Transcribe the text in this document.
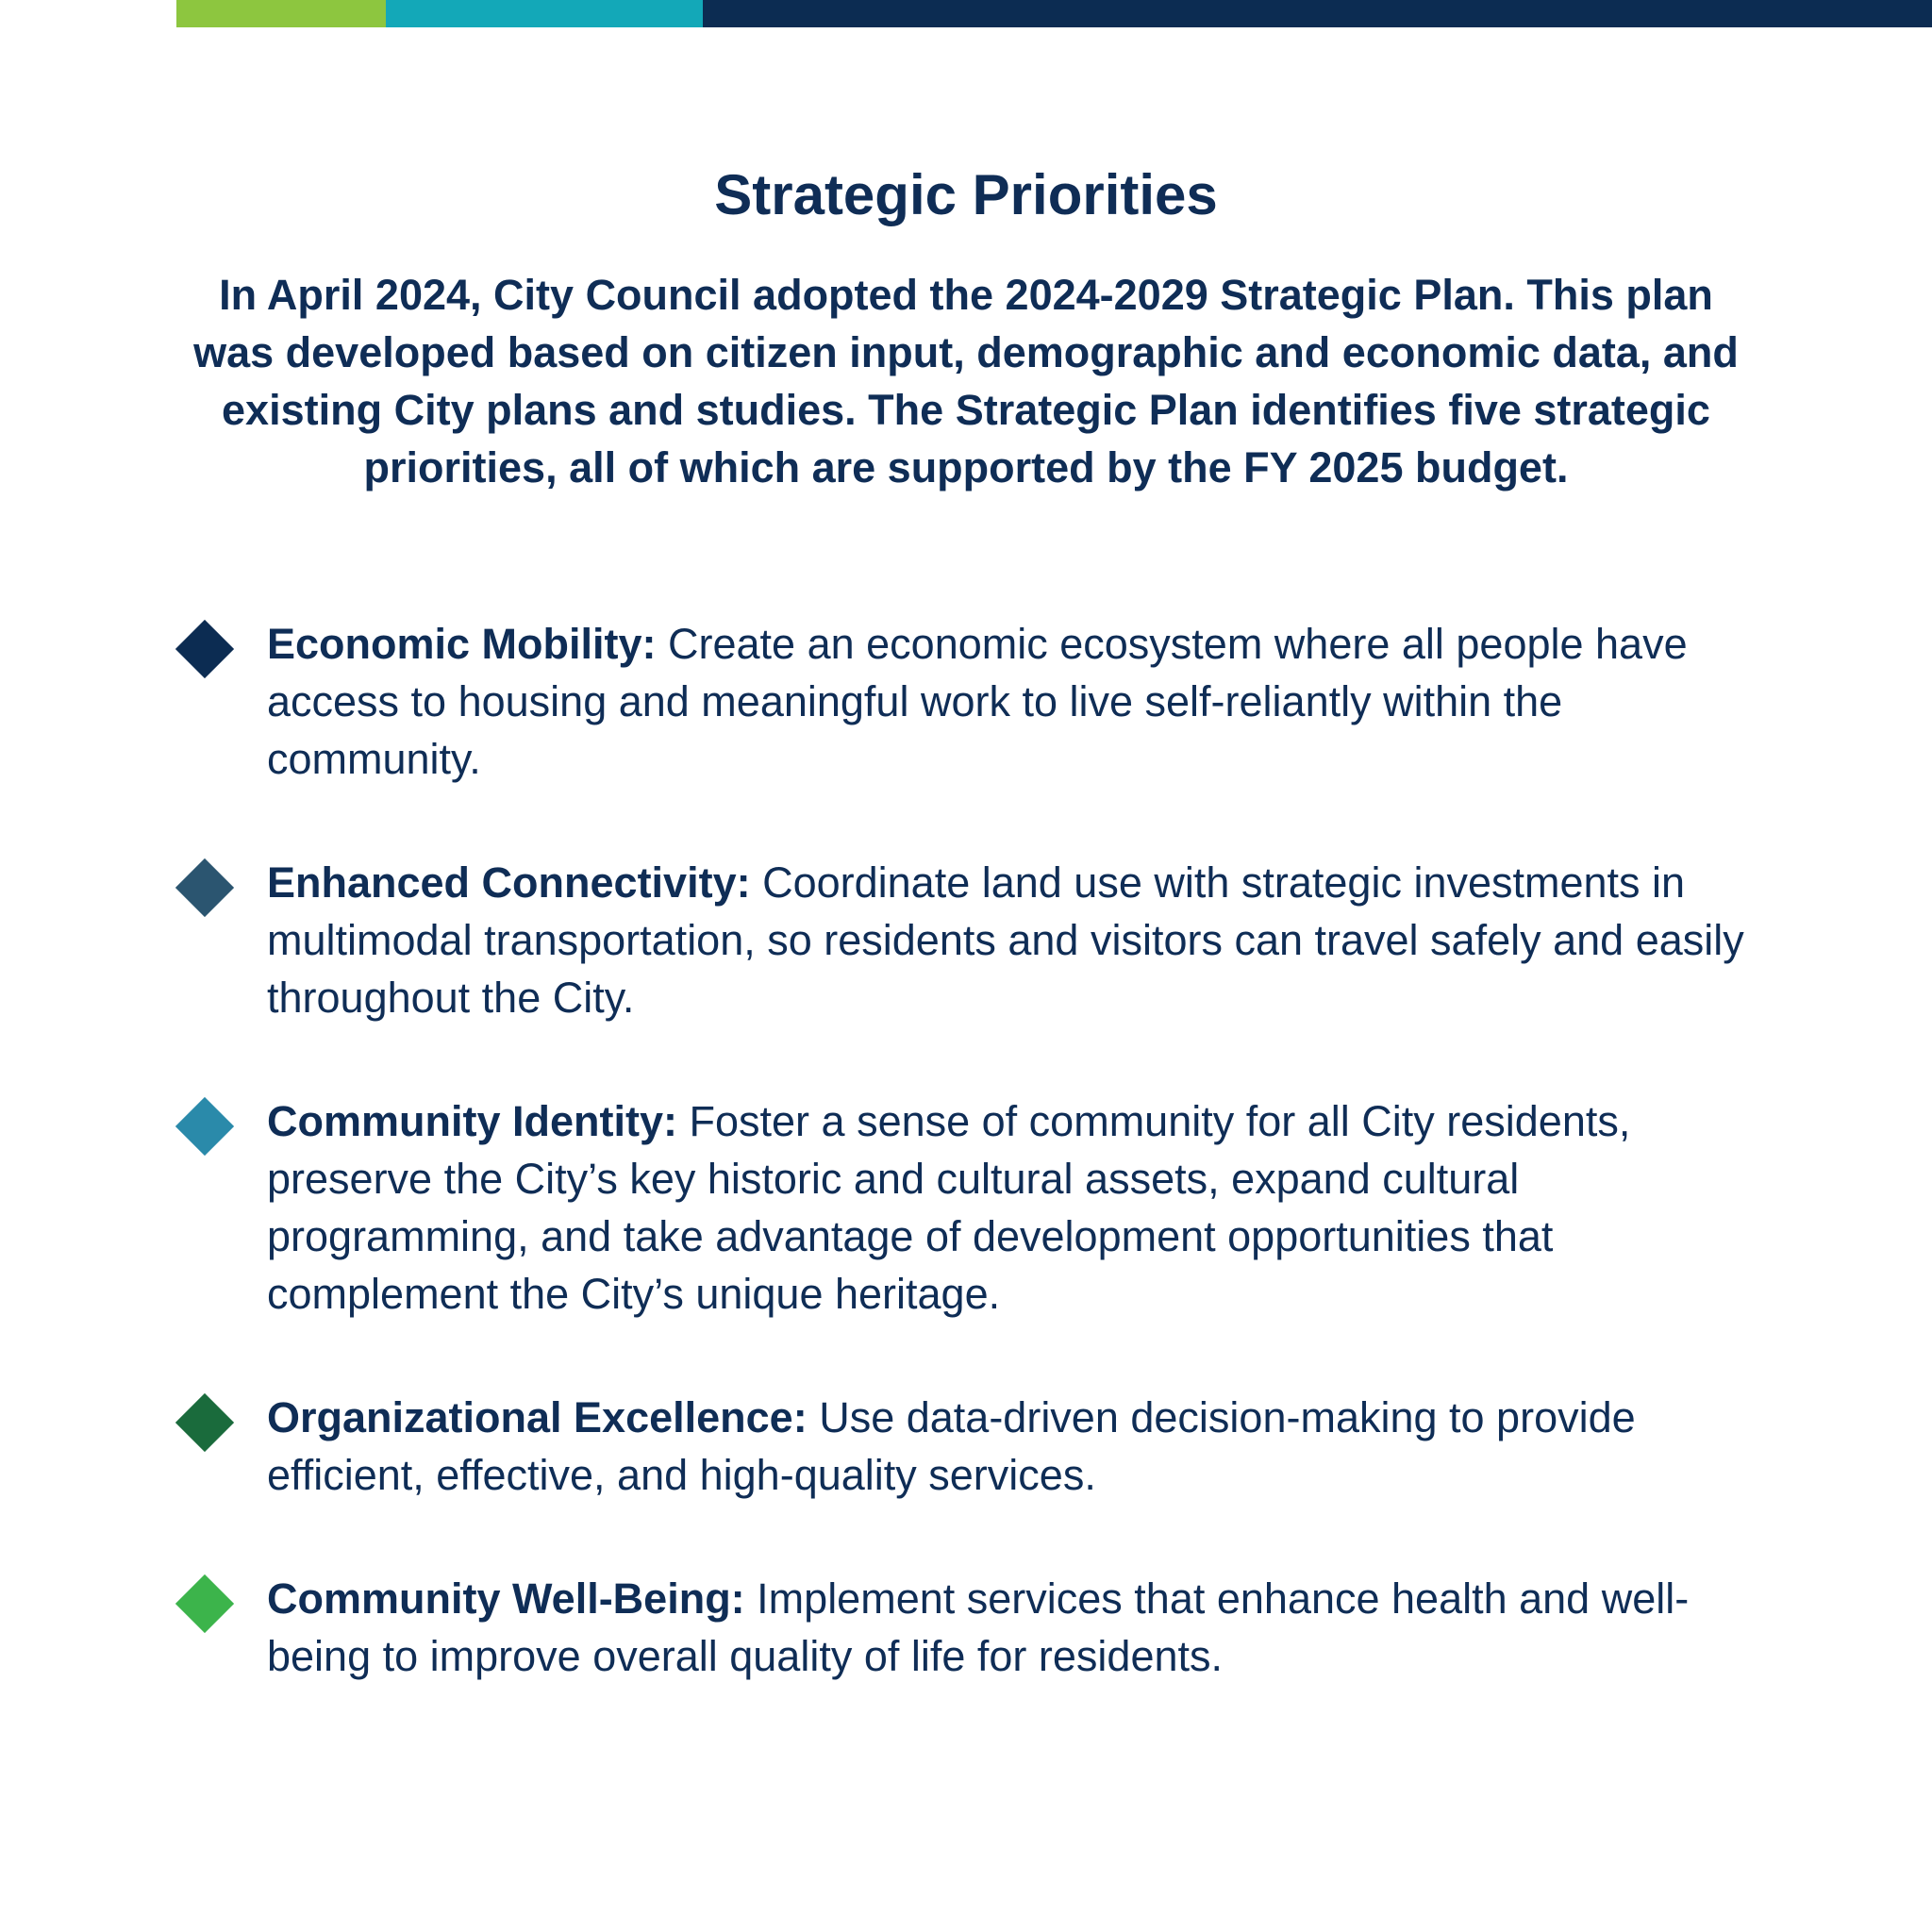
Strategic Priorities

In April 2024, City Council adopted the 2024-2029 Strategic Plan. This plan was developed based on citizen input, demographic and economic data, and existing City plans and studies. The Strategic Plan identifies five strategic priorities, all of which are supported by the FY 2025 budget.

Economic Mobility: Create an economic ecosystem where all people have access to housing and meaningful work to live self-reliantly within the community.
Enhanced Connectivity: Coordinate land use with strategic investments in multimodal transportation, so residents and visitors can travel safely and easily throughout the City.
Community Identity: Foster a sense of community for all City residents, preserve the City’s key historic and cultural assets, expand cultural programming, and take advantage of development opportunities that complement the City’s unique heritage.
Organizational Excellence: Use data-driven decision-making to provide efficient, effective, and high-quality services.
Community Well-Being: Implement services that enhance health and well-being to improve overall quality of life for residents.
